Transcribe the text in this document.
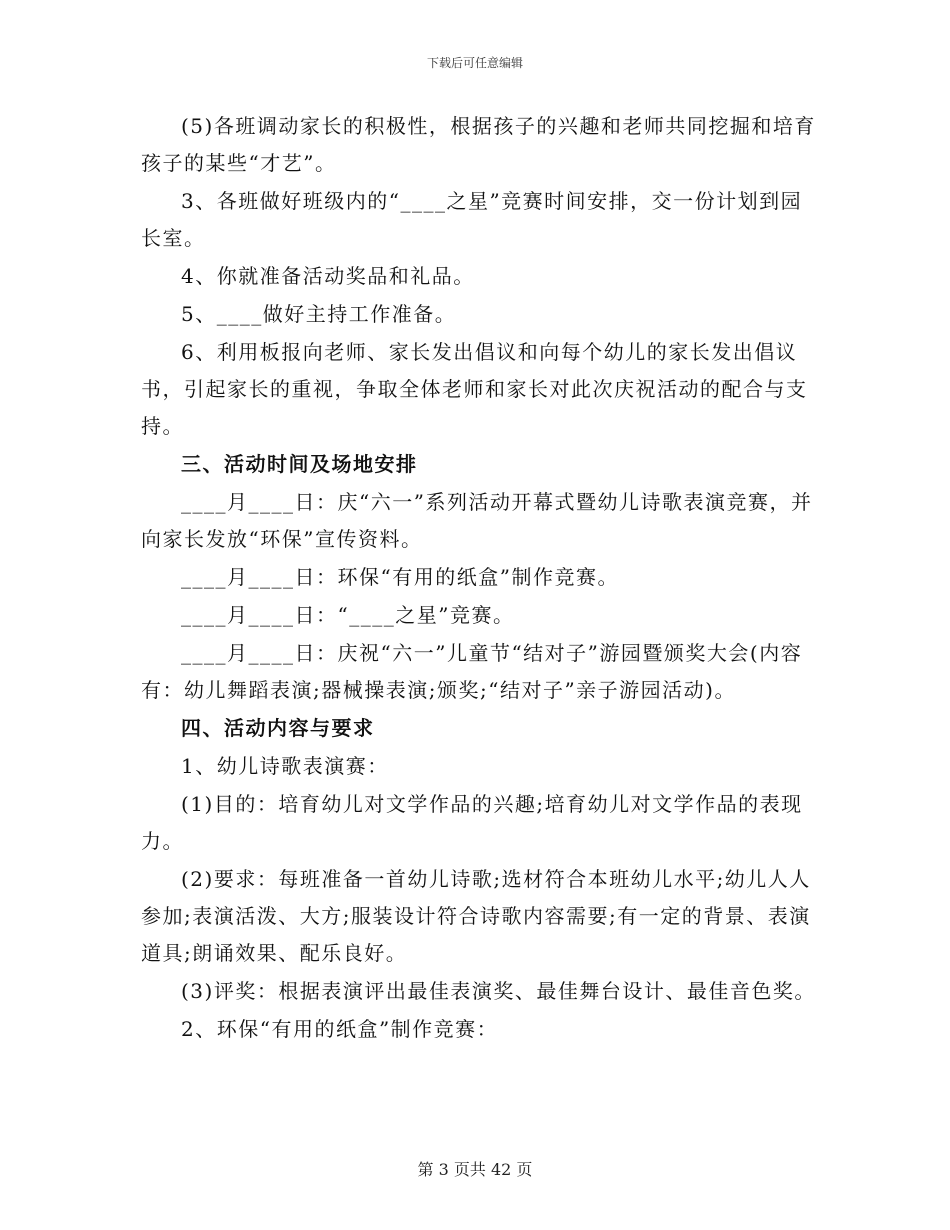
下载后可任意编辑

(5)各班调动家长的积极性，根据孩子的兴趣和老师共同挖掘和培育孩子的某些“才艺”。

3、各班做好班级内的“____之星”竞赛时间安排，交一份计划到园长室。

4、你就准备活动奖品和礼品。

5、____做好主持工作准备。

6、利用板报向老师、家长发出倡议和向每个幼儿的家长发出倡议书，引起家长的重视，争取全体老师和家长对此次庆祝活动的配合与支持。

三、活动时间及场地安排

____月____日：庆“六一”系列活动开幕式暨幼儿诗歌表演竞赛，并向家长发放“环保”宣传资料。

____月____日：环保“有用的纸盒”制作竞赛。

____月____日：“____之星”竞赛。

____月____日：庆祝“六一”儿童节“结对子”游园暨颁奖大会(内容有：幼儿舞蹈表演;器械操表演;颁奖;“结对子”亲子游园活动)。

四、活动内容与要求

1、幼儿诗歌表演赛：

(1)目的：培育幼儿对文学作品的兴趣;培育幼儿对文学作品的表现力。

(2)要求：每班准备一首幼儿诗歌;选材符合本班幼儿水平;幼儿人人参加;表演活泼、大方;服装设计符合诗歌内容需要;有一定的背景、表演道具;朗诵效果、配乐良好。

(3)评奖：根据表演评出最佳表演奖、最佳舞台设计、最佳音色奖。

2、环保“有用的纸盒”制作竞赛：

第 3 页共 42 页
